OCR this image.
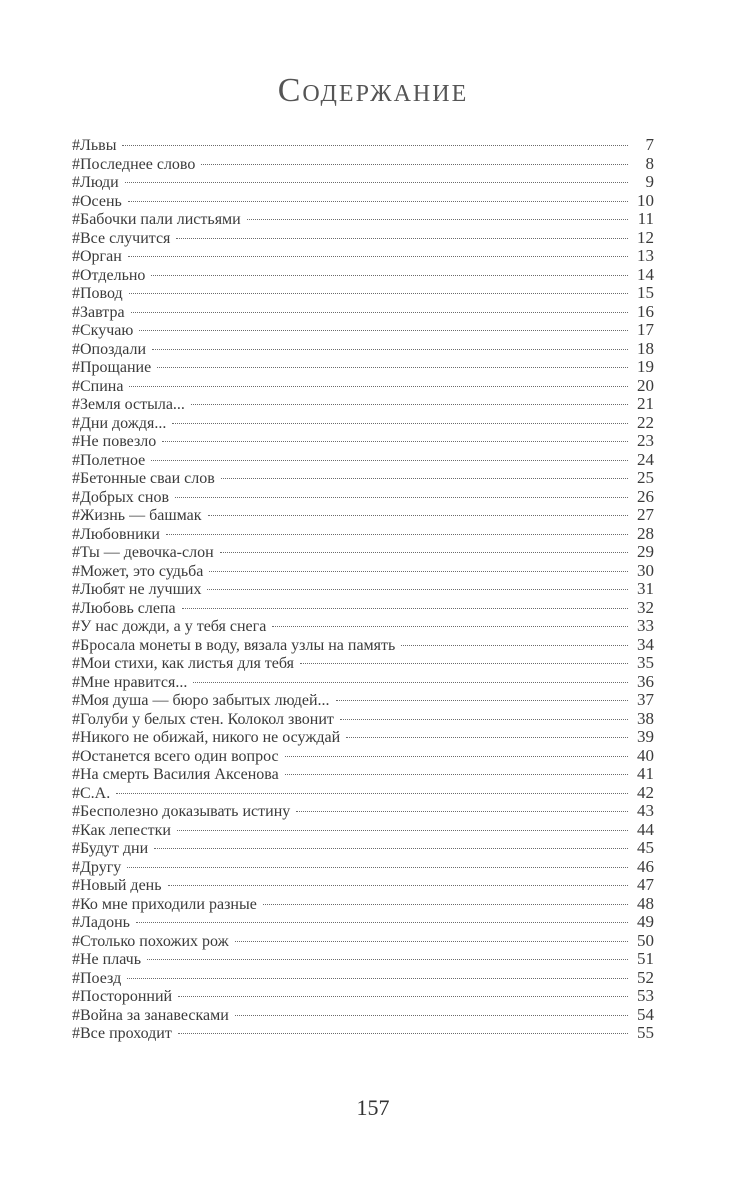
Содержание
#Львы	7
#Последнее слово	8
#Люди	9
#Осень	10
#Бабочки пали листьями	11
#Все случится	12
#Орган	13
#Отдельно	14
#Повод	15
#Завтра	16
#Скучаю	17
#Опоздали	18
#Прощание	19
#Спина	20
#Земля остыла...	21
#Дни дождя...	22
#Не повезло	23
#Полетное	24
#Бетонные сваи слов	25
#Добрых снов	26
#Жизнь — башмак	27
#Любовники	28
#Ты — девочка-слон	29
#Может, это судьба	30
#Любят не лучших	31
#Любовь слепа	32
#У нас дожди, а у тебя снега	33
#Бросала монеты в воду, вязала узлы на память	34
#Мои стихи, как листья для тебя	35
#Мне нравится...	36
#Моя душа — бюро забытых людей...	37
#Голуби у белых стен. Колокол звонит	38
#Никого не обижай, никого не осуждай	39
#Останется всего один вопрос	40
#На смерть Василия Аксенова	41
#С.А.	42
#Бесполезно доказывать истину	43
#Как лепестки	44
#Будут дни	45
#Другу	46
#Новый день	47
#Ко мне приходили разные	48
#Ладонь	49
#Столько похожих рож	50
#Не плачь	51
#Поезд	52
#Посторонний	53
#Война за занавесками	54
#Все проходит	55
157
